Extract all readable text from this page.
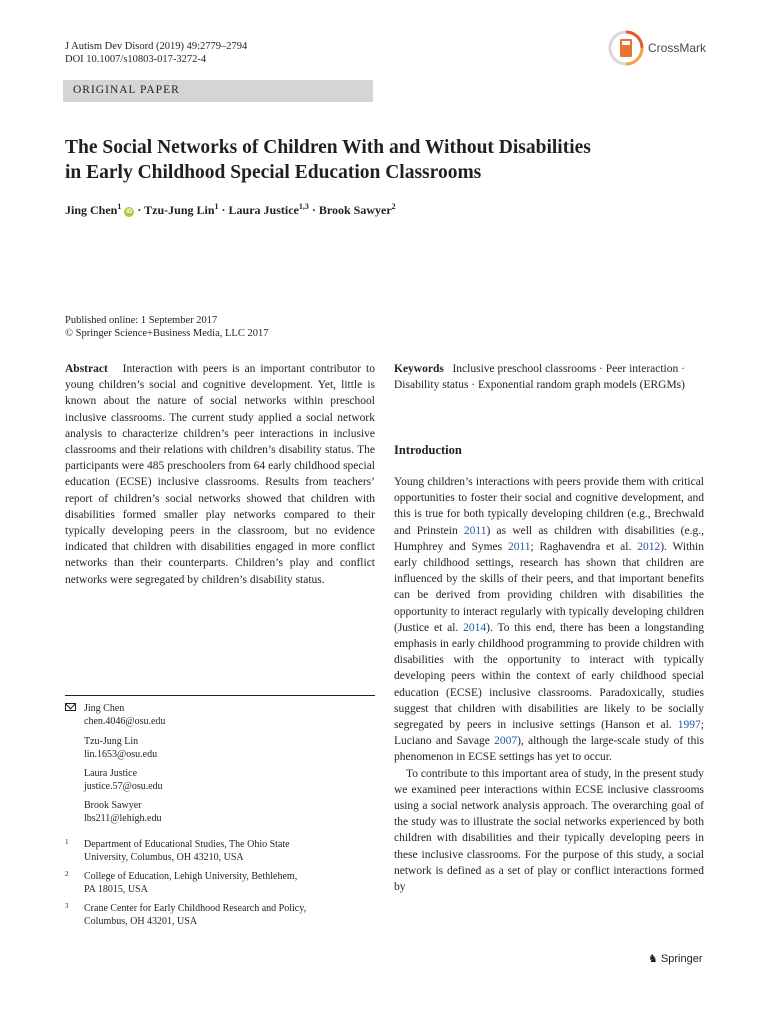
J Autism Dev Disord (2019) 49:2779–2794
DOI 10.1007/s10803-017-3272-4
ORIGINAL PAPER
CrossMark
The Social Networks of Children With and Without Disabilities
in Early Childhood Special Education Classrooms
Jing Chen$^1$ iD · Tzu-Jung Lin$^1$ · Laura Justice$^{1,3}$ · Brook Sawyer$^2$
Published online: 1 September 2017
© Springer Science+Business Media, LLC 2017
Abstract Interaction with peers is an important contributor to young children’s social and cognitive development. Yet, little is known about the nature of social networks within preschool inclusive classrooms. The current study applied a social network analysis to characterize children’s peer interactions in inclusive classrooms and their relations with children’s disability status. The participants were 485 preschoolers from 64 early childhood special education (ECSE) inclusive classrooms. Results from teachers’ report of children’s social networks showed that children with disabilities formed smaller play networks compared to their typically developing peers in the classroom, but no evidence indicated that children with disabilities engaged in more conflict networks than their counterparts. Children’s play and conflict networks were segregated by children’s disability status.
Keywords Inclusive preschool classrooms · Peer interaction · Disability status · Exponential random graph models (ERGMs)
Introduction

Young children’s interactions with peers provide them with critical opportunities to foster their social and cognitive development, and this is true for both typically developing children (e.g., Brechwald and Prinstein 2011) as well as children with disabilities (e.g., Humphrey and Symes 2011; Raghavendra et al. 2012). Within early childhood settings, research has shown that children are influenced by the skills of their peers, and that important benefits can be derived from providing children with disabilities the opportunity to interact regularly with typically developing children (Justice et al. 2014). To this end, there has been a longstanding emphasis in early childhood programming to provide children with disabilities with the opportunity to interact with typically developing peers within the context of early childhood special education (ECSE) inclusive classrooms. Paradoxically, studies suggest that children with disabilities are likely to be socially segregated by peers in inclusive settings (Hanson et al. 1997; Luciano and Savage 2007), although the large-scale study of this phenomenon in ECSE settings has yet to occur.

To contribute to this important area of study, in the present study we examined peer interactions within ECSE inclusive classrooms using a social network analysis approach. The overarching goal of the study was to illustrate the social networks experienced by both children with disabilities and their typically developing peers in these inclusive classrooms. For the purpose of this study, a social network is defined as a set of play or conflict interactions formed by

Jing Chen
chen.4046@osu.edu
Tzu-Jung Lin
lin.1653@osu.edu
Laura Justice
justice.57@osu.edu
Brook Sawyer
lbs211@lehigh.edu
1 Department of Educational Studies, The Ohio State
University, Columbus, OH 43210, USA
2 College of Education, Lehigh University, Bethlehem,
PA 18015, USA
3 Crane Center for Early Childhood Research and Policy,
Columbus, OH 43201, USA
♞ Springer
